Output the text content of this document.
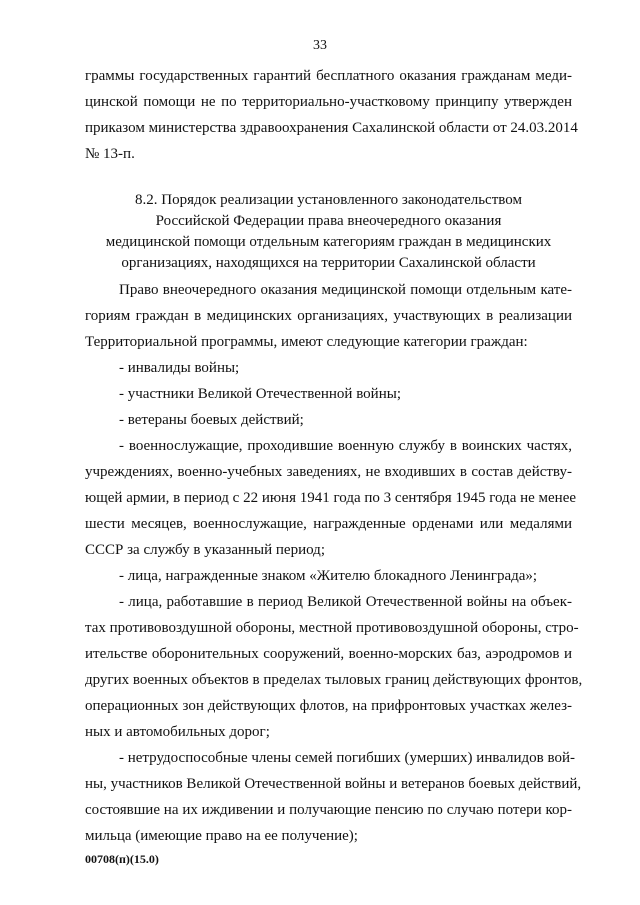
33
граммы государственных гарантий бесплатного оказания гражданам меди-
цинской помощи не по территориально-участковому принципу утвержден
приказом министерства здравоохранения Сахалинской области от 24.03.2014
№ 13-п.
8.2. Порядок реализации установленного законодательством
Российской Федерации права внеочередного оказания
медицинской помощи отдельным категориям граждан в медицинских
организациях, находящихся на территории Сахалинской области
Право внеочередного оказания медицинской помощи отдельным кате-
гориям граждан в медицинских организациях, участвующих в реализации
Территориальной программы, имеют следующие категории граждан:
- инвалиды войны;
- участники Великой Отечественной войны;
- ветераны боевых действий;
- военнослужащие, проходившие военную службу в воинских частях,
учреждениях, военно-учебных заведениях, не входивших в состав действу-
ющей армии, в период с 22 июня 1941 года по 3 сентября 1945 года не менее
шести месяцев, военнослужащие, награжденные орденами или медалями
СССР за службу в указанный период;
- лица, награжденные знаком «Жителю блокадного Ленинграда»;
- лица, работавшие в период Великой Отечественной войны на объек-
тах противовоздушной обороны, местной противовоздушной обороны, стро-
ительстве оборонительных сооружений, военно-морских баз, аэродромов и
других военных объектов в пределах тыловых границ действующих фронтов,
операционных зон действующих флотов, на прифронтовых участках желез-
ных и автомобильных дорог;
- нетрудоспособные члены семей погибших (умерших) инвалидов вой-
ны, участников Великой Отечественной войны и ветеранов боевых действий,
состоявшие на их иждивении и получающие пенсию по случаю потери кор-
мильца (имеющие право на ее получение);
00708(п)(15.0)
